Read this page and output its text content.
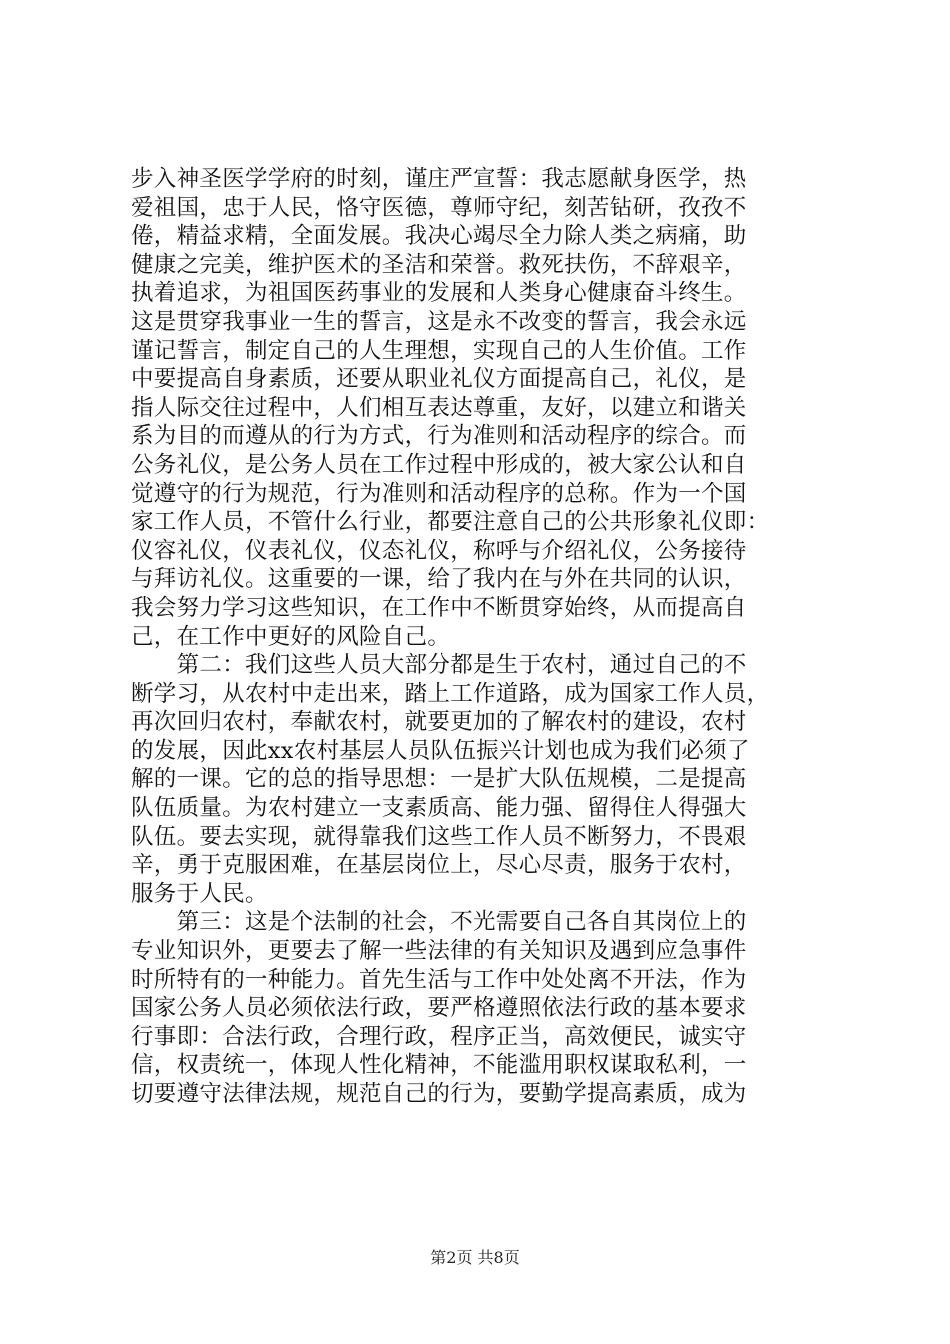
步入神圣医学学府的时刻，谨庄严宣誓：我志愿献身医学，热
爱祖国，忠于人民，恪守医德，尊师守纪，刻苦钻研，孜孜不
倦，精益求精，全面发展。我决心竭尽全力除人类之病痛，助
健康之完美，维护医术的圣洁和荣誉。救死扶伤，不辞艰辛，
执着追求，为祖国医药事业的发展和人类身心健康奋斗终生。
这是贯穿我事业一生的誓言，这是永不改变的誓言，我会永远
谨记誓言，制定自己的人生理想，实现自己的人生价值。工作
中要提高自身素质，还要从职业礼仪方面提高自己，礼仪，是
指人际交往过程中，人们相互表达尊重，友好，以建立和谐关
系为目的而遵从的行为方式，行为准则和活动程序的综合。而
公务礼仪，是公务人员在工作过程中形成的，被大家公认和自
觉遵守的行为规范，行为准则和活动程序的总称。作为一个国
家工作人员，不管什么行业，都要注意自己的公共形象礼仪即：
仪容礼仪，仪表礼仪，仪态礼仪，称呼与介绍礼仪，公务接待
与拜访礼仪。这重要的一课，给了我内在与外在共同的认识，
我会努力学习这些知识，在工作中不断贯穿始终，从而提高自
己，在工作中更好的风险自己。
　　第二：我们这些人员大部分都是生于农村，通过自己的不
断学习，从农村中走出来，踏上工作道路，成为国家工作人员，
再次回归农村，奉献农村，就要更加的了解农村的建设，农村
的发展，因此xx农村基层人员队伍振兴计划也成为我们必须了
解的一课。它的总的指导思想：一是扩大队伍规模，二是提高
队伍质量。为农村建立一支素质高、能力强、留得住人得强大
队伍。要去实现，就得靠我们这些工作人员不断努力，不畏艰
辛，勇于克服困难，在基层岗位上，尽心尽责，服务于农村，
服务于人民。
　　第三：这是个法制的社会，不光需要自己各自其岗位上的
专业知识外，更要去了解一些法律的有关知识及遇到应急事件
时所特有的一种能力。首先生活与工作中处处离不开法，作为
国家公务人员必须依法行政，要严格遵照依法行政的基本要求
行事即：合法行政，合理行政，程序正当，高效便民，诚实守
信，权责统一，体现人性化精神，不能滥用职权谋取私利，一
切要遵守法律法规，规范自己的行为，要勤学提高素质，成为
第2页 共8页
